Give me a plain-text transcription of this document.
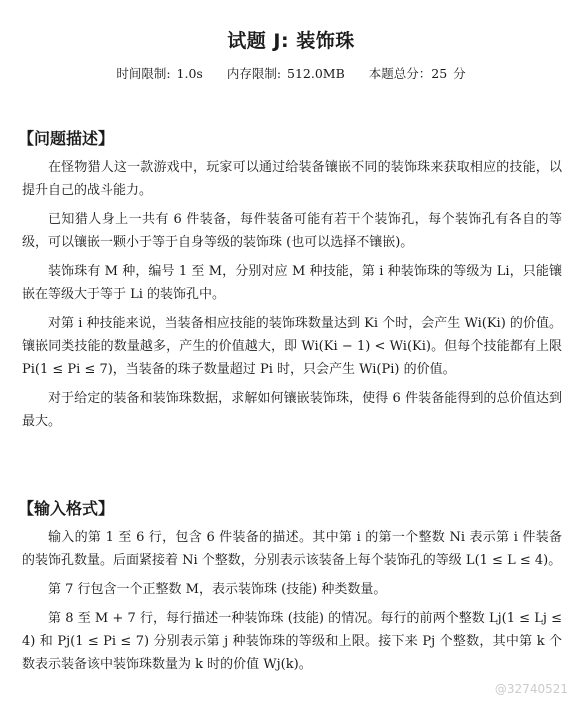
试题 J: 装饰珠
时间限制: 1.0s 内存限制: 512.0MB 本题总分：25 分
【问题描述】

在怪物猎人这一款游戏中，玩家可以通过给装备镶嵌不同的装饰珠来获取相应的技能，以提升自己的战斗能力。

已知猎人身上一共有 6 件装备，每件装备可能有若干个装饰孔，每个装饰孔有各自的等级，可以镶嵌一颗小于等于自身等级的装饰珠 (也可以选择不镶嵌)。

装饰珠有 M 种，编号 1 至 M，分别对应 M 种技能，第 i 种装饰珠的等级为 Li，只能镶嵌在等级大于等于 Li 的装饰孔中。

对第 i 种技能来说，当装备相应技能的装饰珠数量达到 Ki 个时，会产生 Wi(Ki) 的价值。镶嵌同类技能的数量越多，产生的价值越大，即 Wi(Ki − 1) < Wi(Ki)。但每个技能都有上限 Pi(1 ≤ Pi ≤ 7)，当装备的珠子数量超过 Pi 时，只会产生 Wi(Pi) 的价值。

对于给定的装备和装饰珠数据，求解如何镶嵌装饰珠，使得 6 件装备能得到的总价值达到最大。

【输入格式】

输入的第 1 至 6 行，包含 6 件装备的描述。其中第 i 的第一个整数 Ni 表示第 i 件装备的装饰孔数量。后面紧接着 Ni 个整数，分别表示该装备上每个装饰孔的等级 L(1 ≤ L ≤ 4)。

第 7 行包含一个正整数 M，表示装饰珠 (技能) 种类数量。

第 8 至 M + 7 行，每行描述一种装饰珠 (技能) 的情况。每行的前两个整数 Lj(1 ≤ Lj ≤ 4) 和 Pj(1 ≤ Pi ≤ 7) 分别表示第 j 种装饰珠的等级和上限。接下来 Pj 个整数，其中第 k 个数表示装备该中装饰珠数量为 k 时的价值 Wj(k)。

@32740521
